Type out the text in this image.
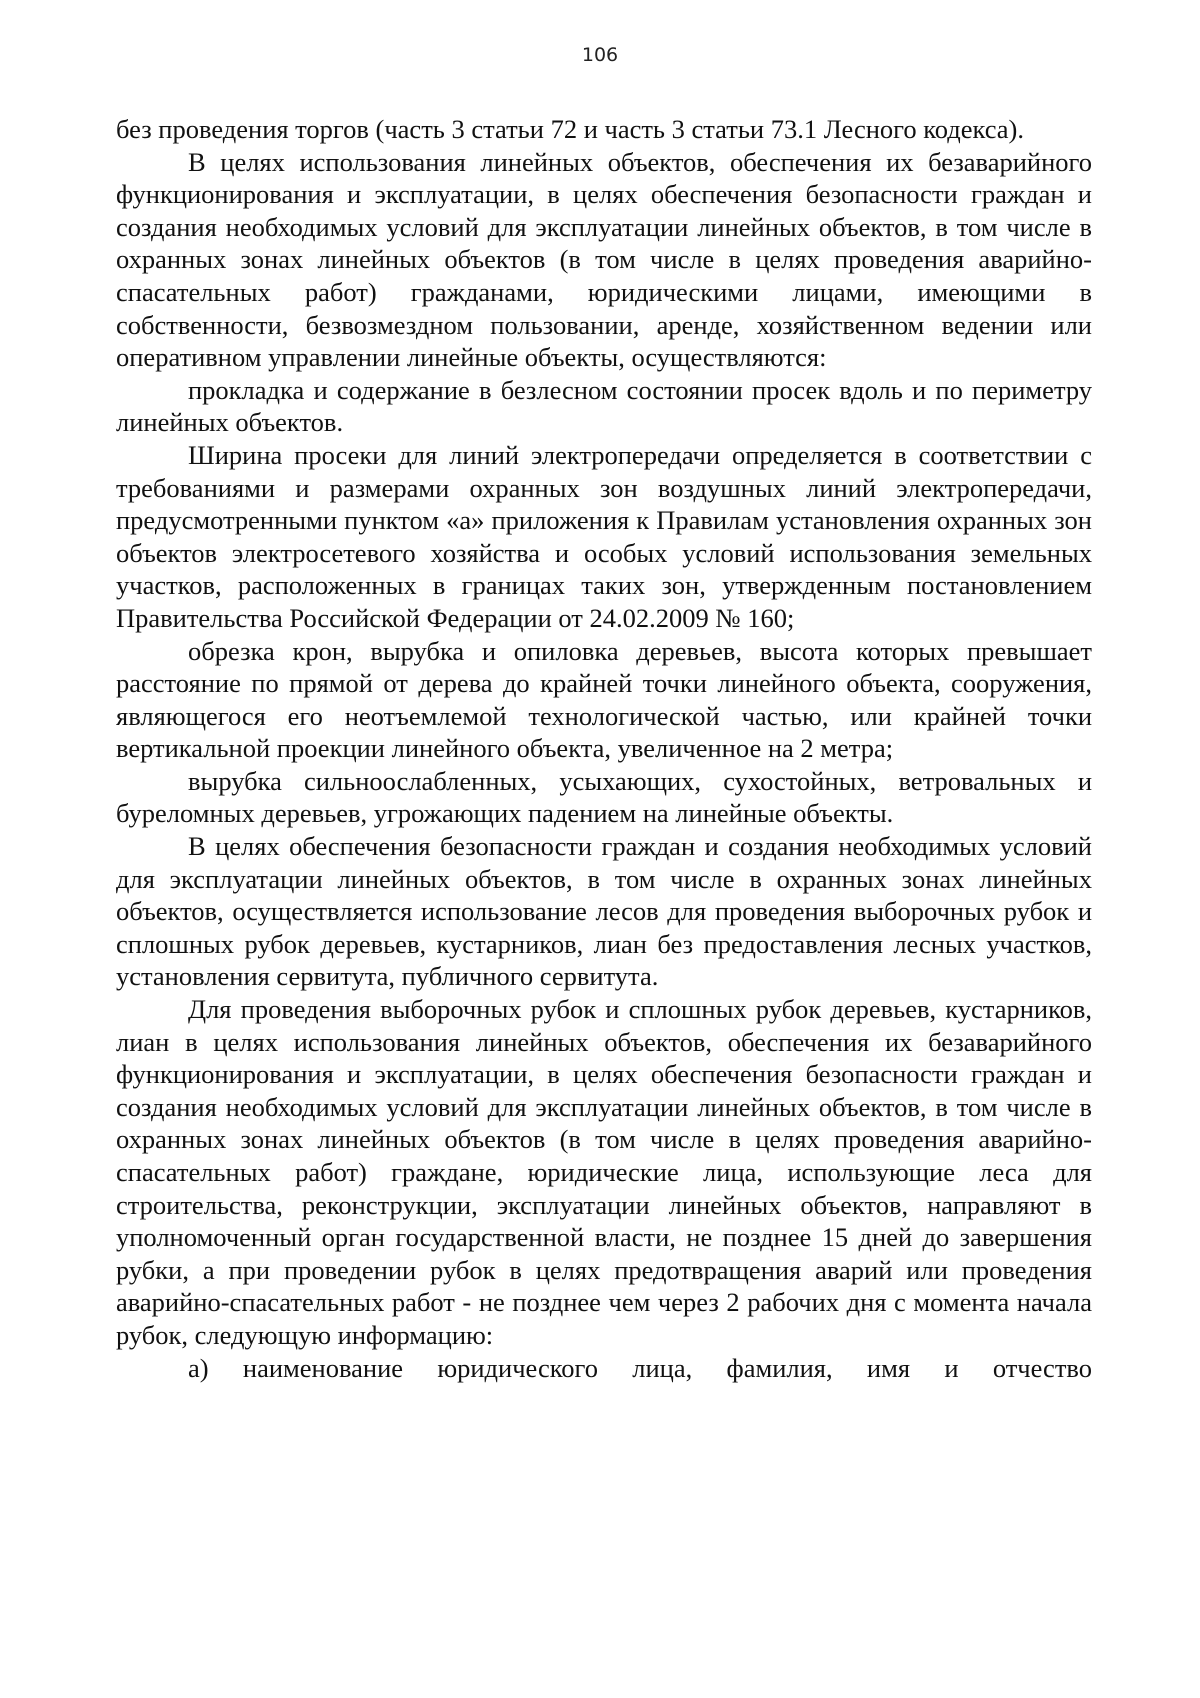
106

без проведения торгов (часть 3 статьи 72 и часть 3 статьи 73.1 Лесного кодекса).

В целях использования линейных объектов, обеспечения их безаварийного функционирования и эксплуатации, в целях обеспечения безопасности граждан и создания необходимых условий для эксплуатации линейных объектов, в том числе в охранных зонах линейных объектов (в том числе в целях проведения аварийно-спасательных работ) гражданами, юридическими лицами, имеющими в собственности, безвозмездном пользовании, аренде, хозяйственном ведении или оперативном управлении линейные объекты, осуществляются:

прокладка и содержание в безлесном состоянии просек вдоль и по периметру линейных объектов.

Ширина просеки для линий электропередачи определяется в соответствии с требованиями и размерами охранных зон воздушных линий электропередачи, предусмотренными пунктом «а» приложения к Правилам установления охранных зон объектов электросетевого хозяйства и особых условий использования земельных участков, расположенных в границах таких зон, утвержденным постановлением Правительства Российской Федерации от 24.02.2009 № 160;

обрезка крон, вырубка и опиловка деревьев, высота которых превышает расстояние по прямой от дерева до крайней точки линейного объекта, сооружения, являющегося его неотъемлемой технологической частью, или крайней точки вертикальной проекции линейного объекта, увеличенное на 2 метра;

вырубка сильноослабленных, усыхающих, сухостойных, ветровальных и буреломных деревьев, угрожающих падением на линейные объекты.

В целях обеспечения безопасности граждан и создания необходимых условий для эксплуатации линейных объектов, в том числе в охранных зонах линейных объектов, осуществляется использование лесов для проведения выборочных рубок и сплошных рубок деревьев, кустарников, лиан без предоставления лесных участков, установления сервитута, публичного сервитута.

Для проведения выборочных рубок и сплошных рубок деревьев, кустарников, лиан в целях использования линейных объектов, обеспечения их безаварийного функционирования и эксплуатации, в целях обеспечения безопасности граждан и создания необходимых условий для эксплуатации линейных объектов, в том числе в охранных зонах линейных объектов (в том числе в целях проведения аварийно-спасательных работ) граждане, юридические лица, использующие леса для строительства, реконструкции, эксплуатации линейных объектов, направляют в уполномоченный орган государственной власти, не позднее 15 дней до завершения рубки, а при проведении рубок в целях предотвращения аварий или проведения аварийно-спасательных работ - не позднее чем через 2 рабочих дня с момента начала рубок, следующую информацию:

а) наименование юридического лица, фамилия, имя и отчество
